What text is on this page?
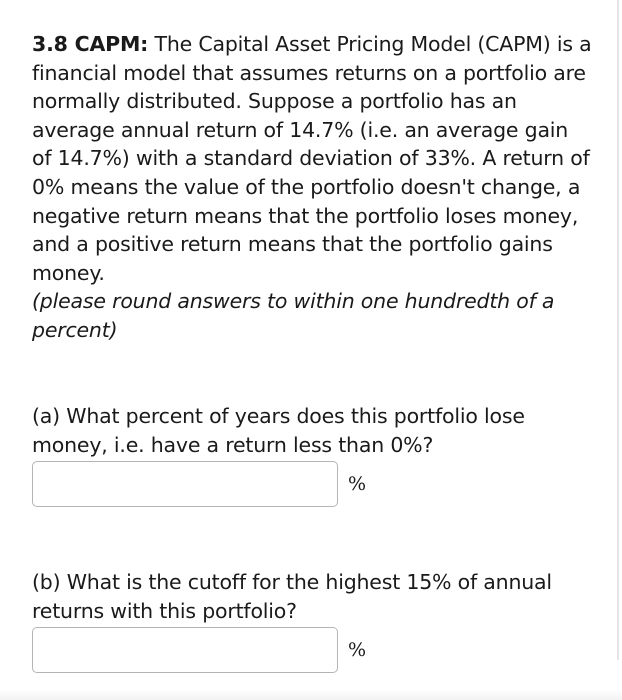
3.8 CAPM: The Capital Asset Pricing Model (CAPM) is a financial model that assumes returns on a portfolio are normally distributed. Suppose a portfolio has an average annual return of 14.7% (i.e. an average gain of 14.7%) with a standard deviation of 33%. A return of 0% means the value of the portfolio doesn't change, a negative return means that the portfolio loses money, and a positive return means that the portfolio gains money.

(please round answers to within one hundredth of a percent)

(a) What percent of years does this portfolio lose money, i.e. have a return less than 0%?
%
(b) What is the cutoff for the highest 15% of annual returns with this portfolio?
%
